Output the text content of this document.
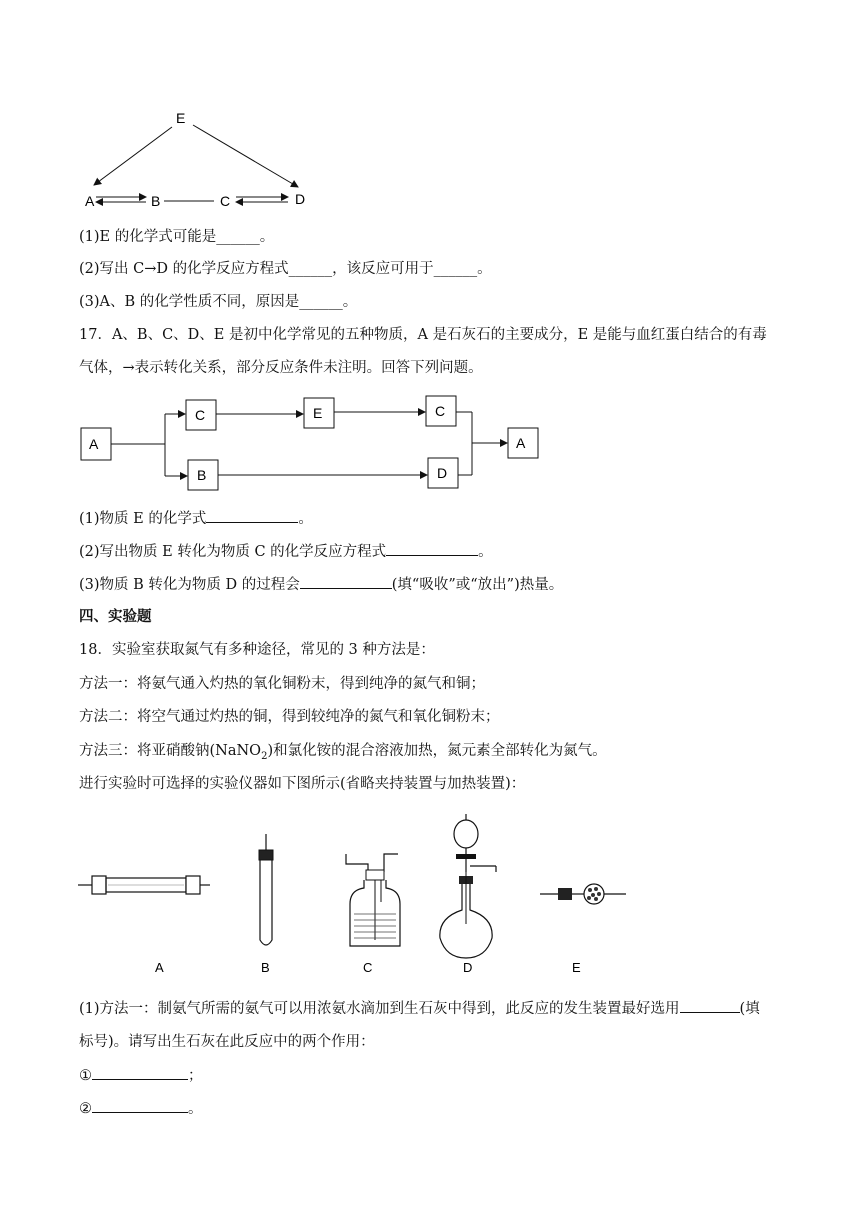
E
A	B	C	D
(1)E 的化学式可能是______。
(2)写出 C→D 的化学反应方程式______，该反应可用于______。
(3)A、B 的化学性质不同，原因是______。
17．A、B、C、D、E 是初中化学常见的五种物质，A 是石灰石的主要成分，E 是能与血红蛋白结合的有毒
气体，→表示转化关系，部分反应条件未注明。回答下列问题。
A
C	E	C
B	D
A
(1)物质 E 的化学式	。
(2)写出物质 E 转化为物质 C 的化学反应方程式	。
(3)物质 B 转化为物质 D 的过程会	(填“吸收”或“放出”)热量。
四、实验题
18．实验室获取氮气有多种途径，常见的 3 种方法是：
方法一：将氨气通入灼热的氧化铜粉末，得到纯净的氮气和铜；
方法二：将空气通过灼热的铜，得到较纯净的氮气和氧化铜粉末；
方法三：将亚硝酸钠(NaNO$_2$)和氯化铵的混合溶液加热，氮元素全部转化为氮气。
进行实验时可选择的实验仪器如下图所示(省略夹持装置与加热装置)：
A	B	C	D	E
(1)方法一：制氨气所需的氨气可以用浓氨水滴加到生石灰中得到，此反应的发生装置最好选用	(填
标号)。请写出生石灰在此反应中的两个作用：
①	；
②	。
